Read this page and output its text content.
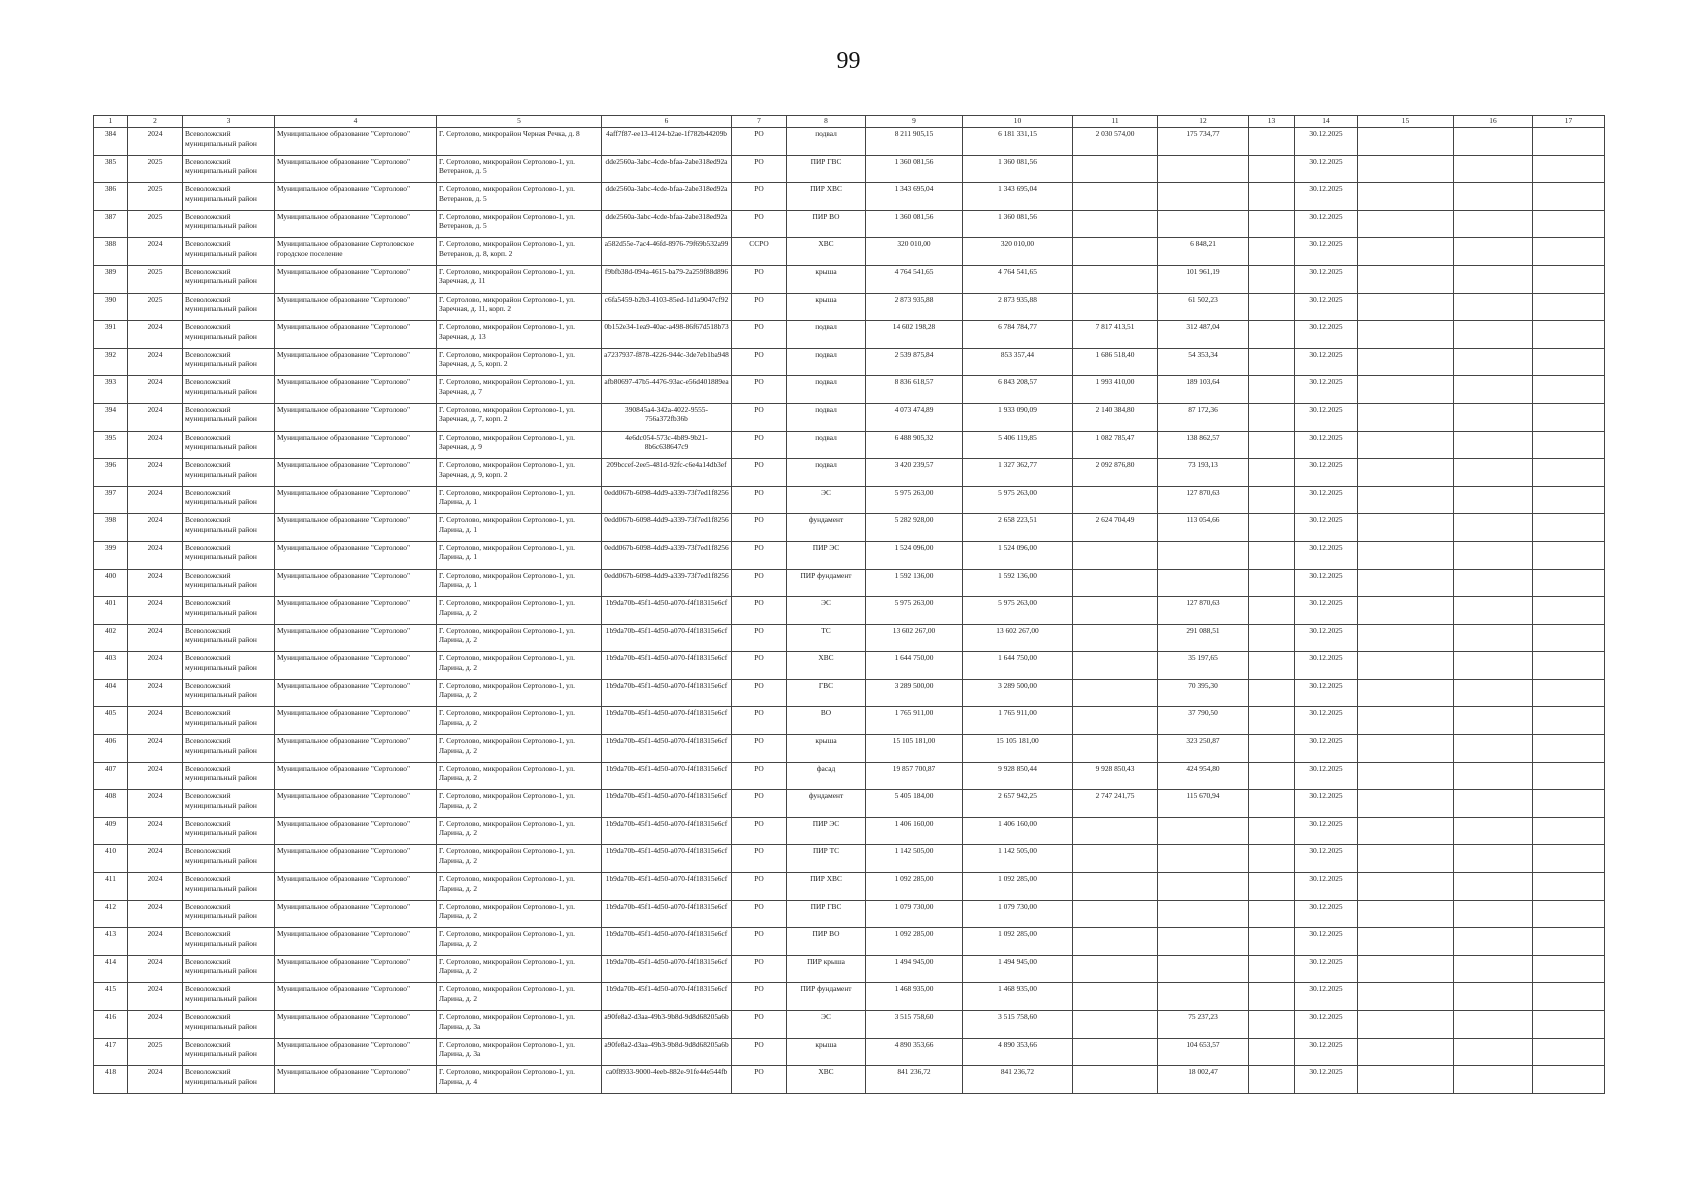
99
1	2	3	4	5	6	7	8	9	10	11	12	13	14	15	16	17
384	2024	Всеволожский муниципальный район	Муниципальное образование "Сертолово"	Г. Сертолово, микрорайон Черная Речка, д. 8	4aff7f87-ee13-4124-b2ae-1f782b44209b	РО	подвал	8 211 905,15	6 181 331,15	2 030 574,00	175 734,77		30.12.2025			
385	2025	Всеволожский муниципальный район	Муниципальное образование "Сертолово"	Г. Сертолово, микрорайон Сертолово-1, ул. Ветеранов, д. 5	dde2560a-3abc-4cde-bfaa-2abe318ed92a	РО	ПИР ГВС	1 360 081,56	1 360 081,56				30.12.2025			
386	2025	Всеволожский муниципальный район	Муниципальное образование "Сертолово"	Г. Сертолово, микрорайон Сертолово-1, ул. Ветеранов, д. 5	dde2560a-3abc-4cde-bfaa-2abe318ed92a	РО	ПИР ХВС	1 343 695,04	1 343 695,04				30.12.2025			
387	2025	Всеволожский муниципальный район	Муниципальное образование "Сертолово"	Г. Сертолово, микрорайон Сертолово-1, ул. Ветеранов, д. 5	dde2560a-3abc-4cde-bfaa-2abe318ed92a	РО	ПИР ВО	1 360 081,56	1 360 081,56				30.12.2025			
388	2024	Всеволожский муниципальный район	Муниципальное образование Сертоловское городское поселение	Г. Сертолово, микрорайон Сертолово-1, ул. Ветеранов, д. 8, корп. 2	a582d55e-7ac4-46fd-8976-79f69b532a99	ССРО	ХВС	320 010,00	320 010,00		6 848,21		30.12.2025			
389	2025	Всеволожский муниципальный район	Муниципальное образование "Сертолово"	Г. Сертолово, микрорайон Сертолово-1, ул. Заречная, д. 11	f9bfb38d-094a-4615-ba79-2a259f88d896	РО	крыша	4 764 541,65	4 764 541,65		101 961,19		30.12.2025			
390	2025	Всеволожский муниципальный район	Муниципальное образование "Сертолово"	Г. Сертолово, микрорайон Сертолово-1, ул. Заречная, д. 11, корп. 2	c6fa5459-b2b3-4103-85ed-1d1a9047cf92	РО	крыша	2 873 935,88	2 873 935,88		61 502,23		30.12.2025			
391	2024	Всеволожский муниципальный район	Муниципальное образование "Сертолово"	Г. Сертолово, микрорайон Сертолово-1, ул. Заречная, д. 13	0b152e34-1ea9-40ac-a498-86f67d518b73	РО	подвал	14 602 198,28	6 784 784,77	7 817 413,51	312 487,04		30.12.2025			
392	2024	Всеволожский муниципальный район	Муниципальное образование "Сертолово"	Г. Сертолово, микрорайон Сертолово-1, ул. Заречная, д. 5, корп. 2	a7237937-f878-4226-944c-3de7eb1ba948	РО	подвал	2 539 875,84	853 357,44	1 686 518,40	54 353,34		30.12.2025			
393	2024	Всеволожский муниципальный район	Муниципальное образование "Сертолово"	Г. Сертолово, микрорайон Сертолово-1, ул. Заречная, д. 7	afb80697-47b5-4476-93ac-e56d401889ea	РО	подвал	8 836 618,57	6 843 208,57	1 993 410,00	189 103,64		30.12.2025			
394	2024	Всеволожский муниципальный район	Муниципальное образование "Сертолово"	Г. Сертолово, микрорайон Сертолово-1, ул. Заречная, д. 7, корп. 2	390845a4-342a-4022-9555-756a372fb36b	РО	подвал	4 073 474,89	1 933 090,09	2 140 384,80	87 172,36		30.12.2025			
395	2024	Всеволожский муниципальный район	Муниципальное образование "Сертолово"	Г. Сертолово, микрорайон Сертолово-1, ул. Заречная, д. 9	4e6dc054-573c-4b89-9b21-8b6c638647c9	РО	подвал	6 488 905,32	5 406 119,85	1 082 785,47	138 862,57		30.12.2025			
396	2024	Всеволожский муниципальный район	Муниципальное образование "Сертолово"	Г. Сертолово, микрорайон Сертолово-1, ул. Заречная, д. 9, корп. 2	209bccef-2ee5-481d-92fc-c6e4a14db3ef	РО	подвал	3 420 239,57	1 327 362,77	2 092 876,80	73 193,13		30.12.2025			
397	2024	Всеволожский муниципальный район	Муниципальное образование "Сертолово"	Г. Сертолово, микрорайон Сертолово-1, ул. Ларина, д. 1	0edd067b-6098-4dd9-a339-73f7ed1f8256	РО	ЭС	5 975 263,00	5 975 263,00		127 870,63		30.12.2025			
398	2024	Всеволожский муниципальный район	Муниципальное образование "Сертолово"	Г. Сертолово, микрорайон Сертолово-1, ул. Ларина, д. 1	0edd067b-6098-4dd9-a339-73f7ed1f8256	РО	фундамент	5 282 928,00	2 658 223,51	2 624 704,49	113 054,66		30.12.2025			
399	2024	Всеволожский муниципальный район	Муниципальное образование "Сертолово"	Г. Сертолово, микрорайон Сертолово-1, ул. Ларина, д. 1	0edd067b-6098-4dd9-a339-73f7ed1f8256	РО	ПИР ЭС	1 524 096,00	1 524 096,00				30.12.2025			
400	2024	Всеволожский муниципальный район	Муниципальное образование "Сертолово"	Г. Сертолово, микрорайон Сертолово-1, ул. Ларина, д. 1	0edd067b-6098-4dd9-a339-73f7ed1f8256	РО	ПИР фундамент	1 592 136,00	1 592 136,00				30.12.2025			
401	2024	Всеволожский муниципальный район	Муниципальное образование "Сертолово"	Г. Сертолово, микрорайон Сертолово-1, ул. Ларина, д. 2	1b9da70b-45f1-4d50-a070-f4f18315e6cf	РО	ЭС	5 975 263,00	5 975 263,00		127 870,63		30.12.2025			
402	2024	Всеволожский муниципальный район	Муниципальное образование "Сертолово"	Г. Сертолово, микрорайон Сертолово-1, ул. Ларина, д. 2	1b9da70b-45f1-4d50-a070-f4f18315e6cf	РО	ТС	13 602 267,00	13 602 267,00		291 088,51		30.12.2025			
403	2024	Всеволожский муниципальный район	Муниципальное образование "Сертолово"	Г. Сертолово, микрорайон Сертолово-1, ул. Ларина, д. 2	1b9da70b-45f1-4d50-a070-f4f18315e6cf	РО	ХВС	1 644 750,00	1 644 750,00		35 197,65		30.12.2025			
404	2024	Всеволожский муниципальный район	Муниципальное образование "Сертолово"	Г. Сертолово, микрорайон Сертолово-1, ул. Ларина, д. 2	1b9da70b-45f1-4d50-a070-f4f18315e6cf	РО	ГВС	3 289 500,00	3 289 500,00		70 395,30		30.12.2025			
405	2024	Всеволожский муниципальный район	Муниципальное образование "Сертолово"	Г. Сертолово, микрорайон Сертолово-1, ул. Ларина, д. 2	1b9da70b-45f1-4d50-a070-f4f18315e6cf	РО	ВО	1 765 911,00	1 765 911,00		37 790,50		30.12.2025			
406	2024	Всеволожский муниципальный район	Муниципальное образование "Сертолово"	Г. Сертолово, микрорайон Сертолово-1, ул. Ларина, д. 2	1b9da70b-45f1-4d50-a070-f4f18315e6cf	РО	крыша	15 105 181,00	15 105 181,00		323 250,87		30.12.2025			
407	2024	Всеволожский муниципальный район	Муниципальное образование "Сертолово"	Г. Сертолово, микрорайон Сертолово-1, ул. Ларина, д. 2	1b9da70b-45f1-4d50-a070-f4f18315e6cf	РО	фасад	19 857 700,87	9 928 850,44	9 928 850,43	424 954,80		30.12.2025			
408	2024	Всеволожский муниципальный район	Муниципальное образование "Сертолово"	Г. Сертолово, микрорайон Сертолово-1, ул. Ларина, д. 2	1b9da70b-45f1-4d50-a070-f4f18315e6cf	РО	фундамент	5 405 184,00	2 657 942,25	2 747 241,75	115 670,94		30.12.2025			
409	2024	Всеволожский муниципальный район	Муниципальное образование "Сертолово"	Г. Сертолово, микрорайон Сертолово-1, ул. Ларина, д. 2	1b9da70b-45f1-4d50-a070-f4f18315e6cf	РО	ПИР ЭС	1 406 160,00	1 406 160,00				30.12.2025			
410	2024	Всеволожский муниципальный район	Муниципальное образование "Сертолово"	Г. Сертолово, микрорайон Сертолово-1, ул. Ларина, д. 2	1b9da70b-45f1-4d50-a070-f4f18315e6cf	РО	ПИР ТС	1 142 505,00	1 142 505,00				30.12.2025			
411	2024	Всеволожский муниципальный район	Муниципальное образование "Сертолово"	Г. Сертолово, микрорайон Сертолово-1, ул. Ларина, д. 2	1b9da70b-45f1-4d50-a070-f4f18315e6cf	РО	ПИР ХВС	1 092 285,00	1 092 285,00				30.12.2025			
412	2024	Всеволожский муниципальный район	Муниципальное образование "Сертолово"	Г. Сертолово, микрорайон Сертолово-1, ул. Ларина, д. 2	1b9da70b-45f1-4d50-a070-f4f18315e6cf	РО	ПИР ГВС	1 079 730,00	1 079 730,00				30.12.2025			
413	2024	Всеволожский муниципальный район	Муниципальное образование "Сертолово"	Г. Сертолово, микрорайон Сертолово-1, ул. Ларина, д. 2	1b9da70b-45f1-4d50-a070-f4f18315e6cf	РО	ПИР ВО	1 092 285,00	1 092 285,00				30.12.2025			
414	2024	Всеволожский муниципальный район	Муниципальное образование "Сертолово"	Г. Сертолово, микрорайон Сертолово-1, ул. Ларина, д. 2	1b9da70b-45f1-4d50-a070-f4f18315e6cf	РО	ПИР крыша	1 494 945,00	1 494 945,00				30.12.2025			
415	2024	Всеволожский муниципальный район	Муниципальное образование "Сертолово"	Г. Сертолово, микрорайон Сертолово-1, ул. Ларина, д. 2	1b9da70b-45f1-4d50-a070-f4f18315e6cf	РО	ПИР фундамент	1 468 935,00	1 468 935,00				30.12.2025			
416	2024	Всеволожский муниципальный район	Муниципальное образование "Сертолово"	Г. Сертолово, микрорайон Сертолово-1, ул. Ларина, д. 3а	a90fe8a2-d3aa-49b3-9b8d-9d8d68205a6b	РО	ЭС	3 515 758,60	3 515 758,60		75 237,23		30.12.2025			
417	2025	Всеволожский муниципальный район	Муниципальное образование "Сертолово"	Г. Сертолово, микрорайон Сертолово-1, ул. Ларина, д. 3а	a90fe8a2-d3aa-49b3-9b8d-9d8d68205a6b	РО	крыша	4 890 353,66	4 890 353,66		104 653,57		30.12.2025			
418	2024	Всеволожский муниципальный район	Муниципальное образование "Сертолово"	Г. Сертолово, микрорайон Сертолово-1, ул. Ларина, д. 4	ca0f8933-9000-4eeb-882e-91fe44e544fb	РО	ХВС	841 236,72	841 236,72		18 002,47		30.12.2025			
